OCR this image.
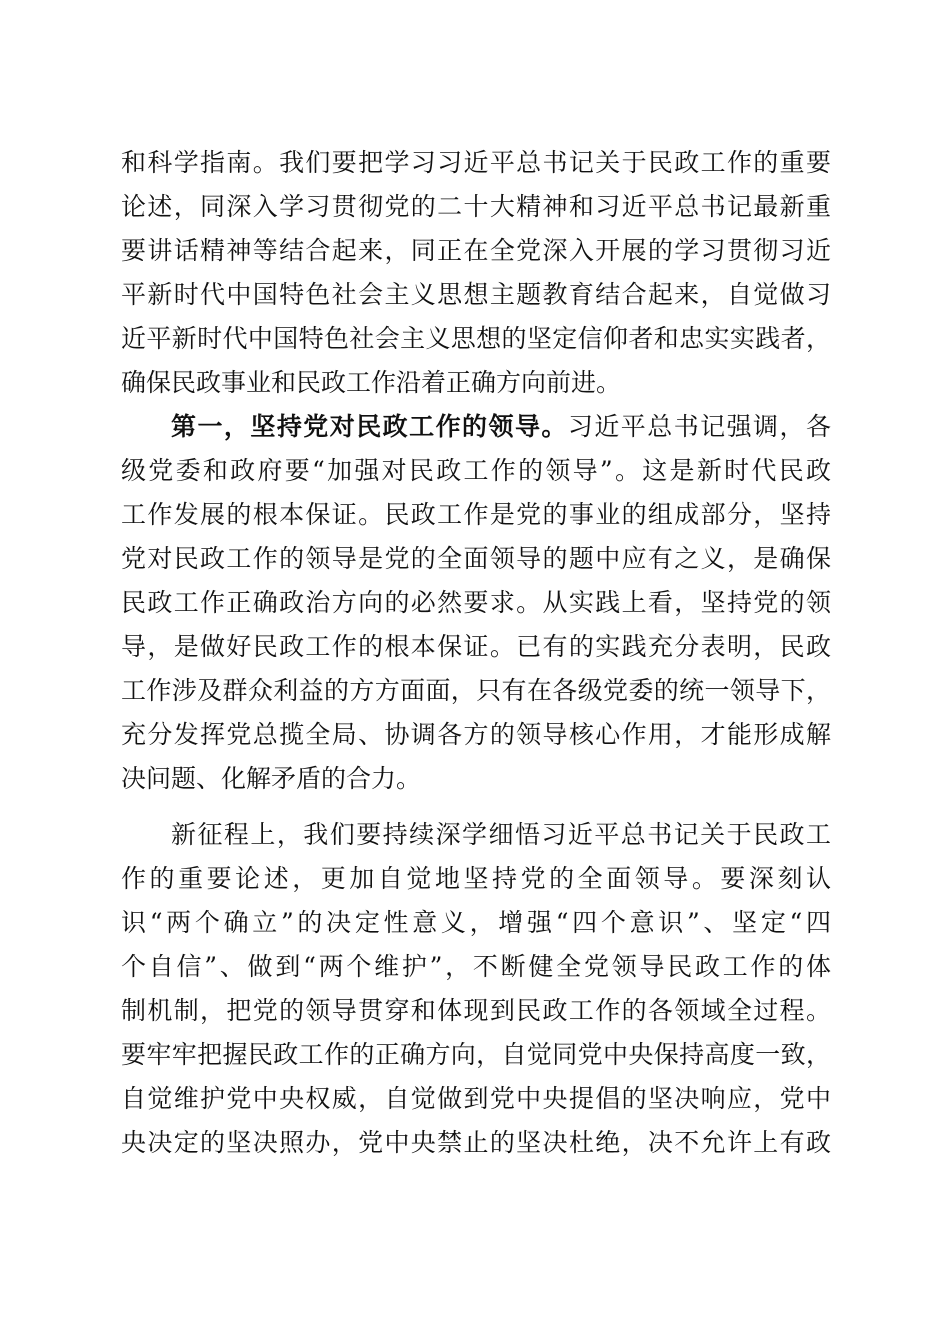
和科学指南。我们要把学习习近平总书记关于民政工作的重要
论述，同深入学习贯彻党的二十大精神和习近平总书记最新重
要讲话精神等结合起来，同正在全党深入开展的学习贯彻习近
平新时代中国特色社会主义思想主题教育结合起来，自觉做习
近平新时代中国特色社会主义思想的坚定信仰者和忠实实践者，
确保民政事业和民政工作沿着正确方向前进。
第一，坚持党对民政工作的领导。习近平总书记强调，各
级党委和政府要“加强对民政工作的领导”。这是新时代民政
工作发展的根本保证。民政工作是党的事业的组成部分，坚持
党对民政工作的领导是党的全面领导的题中应有之义，是确保
民政工作正确政治方向的必然要求。从实践上看，坚持党的领
导，是做好民政工作的根本保证。已有的实践充分表明，民政
工作涉及群众利益的方方面面，只有在各级党委的统一领导下，
充分发挥党总揽全局、协调各方的领导核心作用，才能形成解
决问题、化解矛盾的合力。
新征程上，我们要持续深学细悟习近平总书记关于民政工
作的重要论述，更加自觉地坚持党的全面领导。要深刻认
识“两个确立”的决定性意义，增强“四个意识”、坚定“四
个自信”、做到“两个维护”，不断健全党领导民政工作的体
制机制，把党的领导贯穿和体现到民政工作的各领域全过程。
要牢牢把握民政工作的正确方向，自觉同党中央保持高度一致，
自觉维护党中央权威，自觉做到党中央提倡的坚决响应，党中
央决定的坚决照办，党中央禁止的坚决杜绝，决不允许上有政
